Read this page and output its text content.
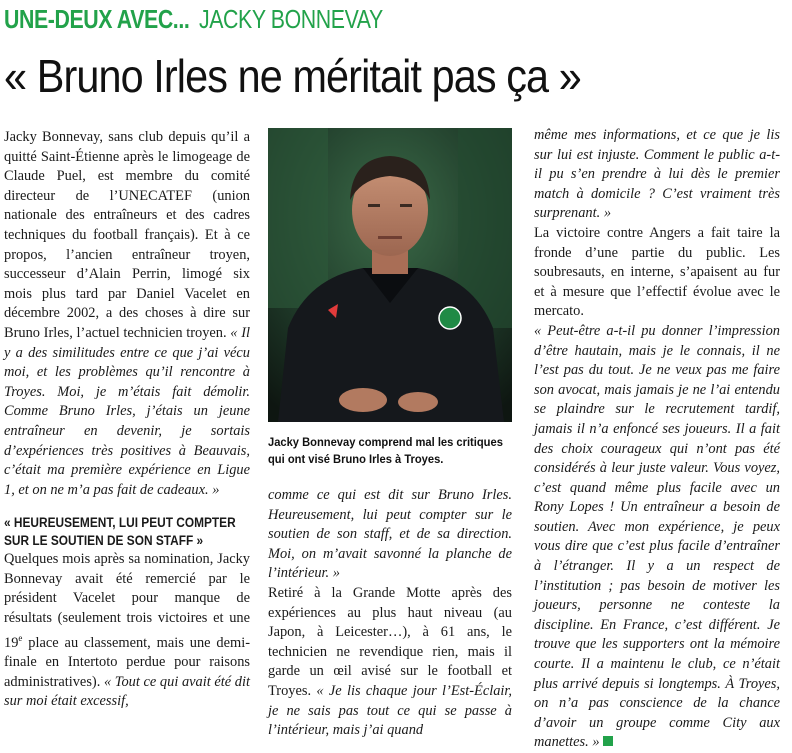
UNE-DEUX AVEC... JACKY BONNEVAY
« Bruno Irles ne méritait pas ça »

Jacky Bonnevay, sans club depuis qu’il a quitté Saint-Étienne après le limogeage de Claude Puel, est membre du comité directeur de l’UNECATEF (union nationale des entraîneurs et des cadres techniques du football français). Et à ce propos, l’ancien entraîneur troyen, successeur d’Alain Perrin, limogé six mois plus tard par Daniel Vacelet en décembre 2002, a des choses à dire sur Bruno Irles, l’actuel technicien troyen. « Il y a des similitudes entre ce que j’ai vécu moi, et les problèmes qu’il rencontre à Troyes. Moi, je m’étais fait démolir. Comme Bruno Irles, j’étais un jeune entraîneur en devenir, je sortais d’expériences très positives à Beauvais, c’était ma première expérience en Ligue 1, et on ne m’a pas fait de cadeaux. »

« HEUREUSEMENT, LUI PEUT COMPTER
SUR LE SOUTIEN DE SON STAFF »

Quelques mois après sa nomination, Jacky Bonnevay avait été remercié par le président Vacelet pour manque de résultats (seulement trois victoires et une 19e place au classement, mais une demi-finale en Intertoto perdue pour raisons administratives). « Tout ce qui avait été dit sur moi était excessif,

Jacky Bonnevay comprend mal les critiques
qui ont visé Bruno Irles à Troyes.

comme ce qui est dit sur Bruno Irles. Heureusement, lui peut compter sur le soutien de son staff, et de sa direction. Moi, on m’avait savonné la planche de l’intérieur. »

Retiré à la Grande Motte après des expériences au plus haut niveau (au Japon, à Leicester…), à 61 ans, le technicien ne revendique rien, mais il garde un œil avisé sur le football et Troyes. « Je lis chaque jour l’Est-Éclair, je ne sais pas tout ce qui se passe à l’intérieur, mais j’ai quand

même mes informations, et ce que je lis sur lui est injuste. Comment le public a-t-il pu s’en prendre à lui dès le premier match à domicile ? C’est vraiment très surprenant. »

La victoire contre Angers a fait taire la fronde d’une partie du public. Les soubresauts, en interne, s’apaisent au fur et à mesure que l’effectif évolue avec le mercato.

« Peut-être a-t-il pu donner l’impression d’être hautain, mais je le connais, il ne l’est pas du tout. Je ne veux pas me faire son avocat, mais jamais je ne l’ai entendu se plaindre sur le recrutement tardif, jamais il n’a enfoncé ses joueurs. Il a fait des choix courageux qui n’ont pas été considérés à leur juste valeur. Vous voyez, c’est quand même plus facile avec un Rony Lopes ! Un entraîneur a besoin de soutien. Avec mon expérience, je peux vous dire que c’est plus facile d’entraîner à l’étranger. Il y a un respect de l’institution ; pas besoin de motiver les joueurs, personne ne conteste la discipline. En France, c’est différent. Je trouve que les supporters ont la mémoire courte. Il a maintenu le club, ce n’était plus arrivé depuis si longtemps. À Troyes, on n’a pas conscience de la chance d’avoir un groupe comme City aux manettes. »
